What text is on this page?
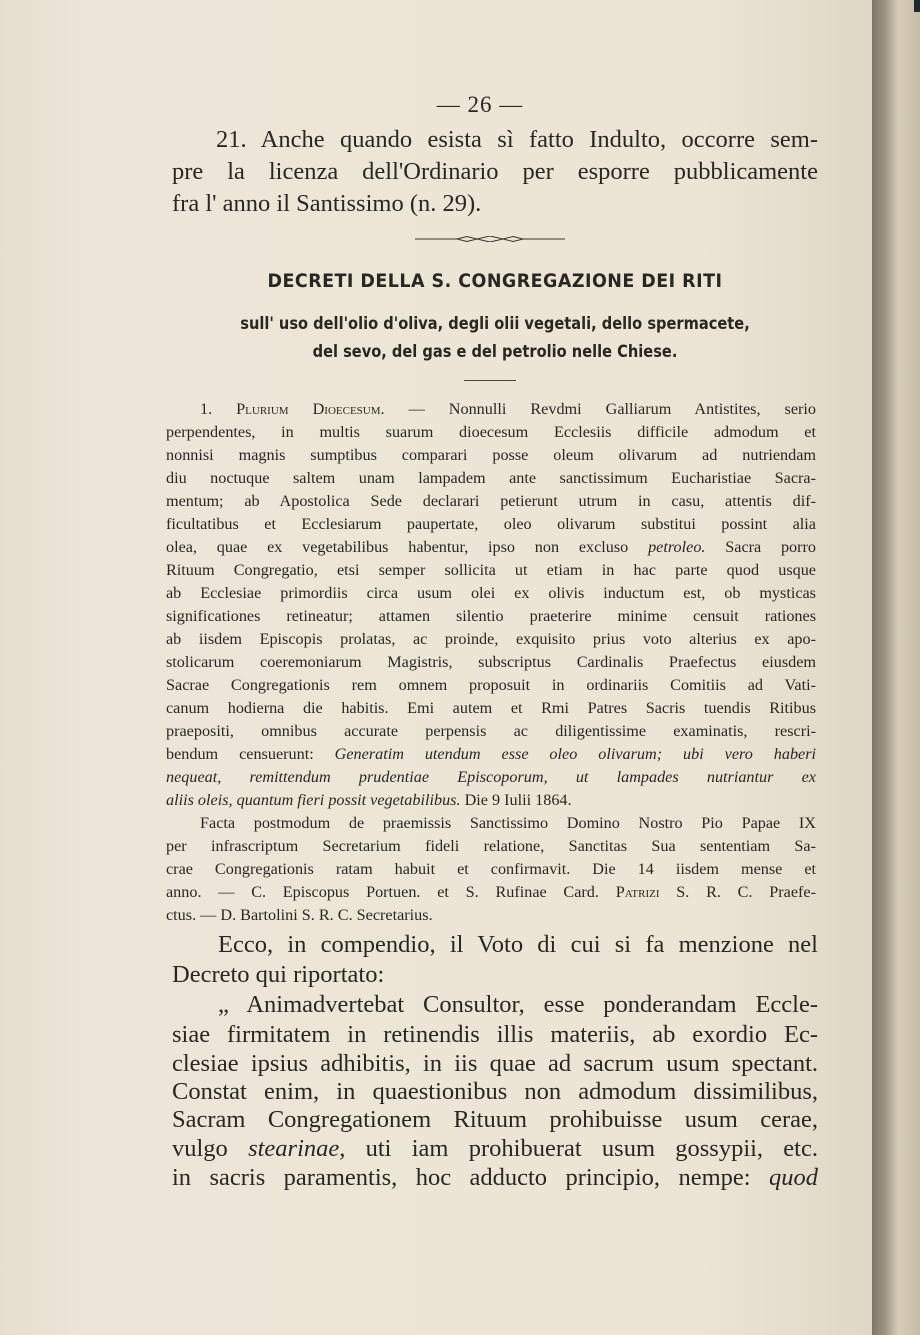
— 26 —
21. Anche quando esista sì fatto Indulto, occorre sem-
pre la licenza dell'Ordinario per esporre pubblicamente
fra l' anno il Santissimo (n. 29).
DECRETI DELLA S. CONGREGAZIONE DEI RITI
sull' uso dell'olio d'oliva, degli olii vegetali, dello spermacete,
del sevo, del gas e del petrolio nelle Chiese.
1. Plurium Dioecesum. — Nonnulli Revdmi Galliarum Antistites, serio
perpendentes, in multis suarum dioecesum Ecclesiis difficile admodum et
nonnisi magnis sumptibus comparari posse oleum olivarum ad nutriendam
diu noctuque saltem unam lampadem ante sanctissimum Eucharistiae Sacra-
mentum; ab Apostolica Sede declarari petierunt utrum in casu, attentis dif-
ficultatibus et Ecclesiarum paupertate, oleo olivarum substitui possint alia
olea, quae ex vegetabilibus habentur, ipso non excluso petroleo. Sacra porro
Rituum Congregatio, etsi semper sollicita ut etiam in hac parte quod usque
ab Ecclesiae primordiis circa usum olei ex olivis inductum est, ob mysticas
significationes retineatur; attamen silentio praeterire minime censuit rationes
ab iisdem Episcopis prolatas, ac proinde, exquisito prius voto alterius ex apo-
stolicarum coeremoniarum Magistris, subscriptus Cardinalis Praefectus eiusdem
Sacrae Congregationis rem omnem proposuit in ordinariis Comitiis ad Vati-
canum hodierna die habitis. Emi autem et Rmi Patres Sacris tuendis Ritibus
praepositi, omnibus accurate perpensis ac diligentissime examinatis, rescri-
bendum censuerunt: Generatim utendum esse oleo olivarum; ubi vero haberi
nequeat, remittendum prudentiae Episcoporum, ut lampades nutriantur ex
aliis oleis, quantum fieri possit vegetabilibus. Die 9 Iulii 1864.
Facta postmodum de praemissis Sanctissimo Domino Nostro Pio Papae IX
per infrascriptum Secretarium fideli relatione, Sanctitas Sua sententiam Sa-
crae Congregationis ratam habuit et confirmavit. Die 14 iisdem mense et
anno. — C. Episcopus Portuen. et S. Rufinae Card. Patrizi S. R. C. Praefe-
ctus. — D. Bartolini S. R. C. Secretarius.
Ecco, in compendio, il Voto di cui si fa menzione nel
Decreto qui riportato:
„ Animadvertebat Consultor, esse ponderandam Eccle-
siae firmitatem in retinendis illis materiis, ab exordio Ec-
clesiae ipsius adhibitis, in iis quae ad sacrum usum spectant.
Constat enim, in quaestionibus non admodum dissimilibus,
Sacram Congregationem Rituum prohibuisse usum cerae,
vulgo stearinae, uti iam prohibuerat usum gossypii, etc.
in sacris paramentis, hoc adducto principio, nempe: quod
